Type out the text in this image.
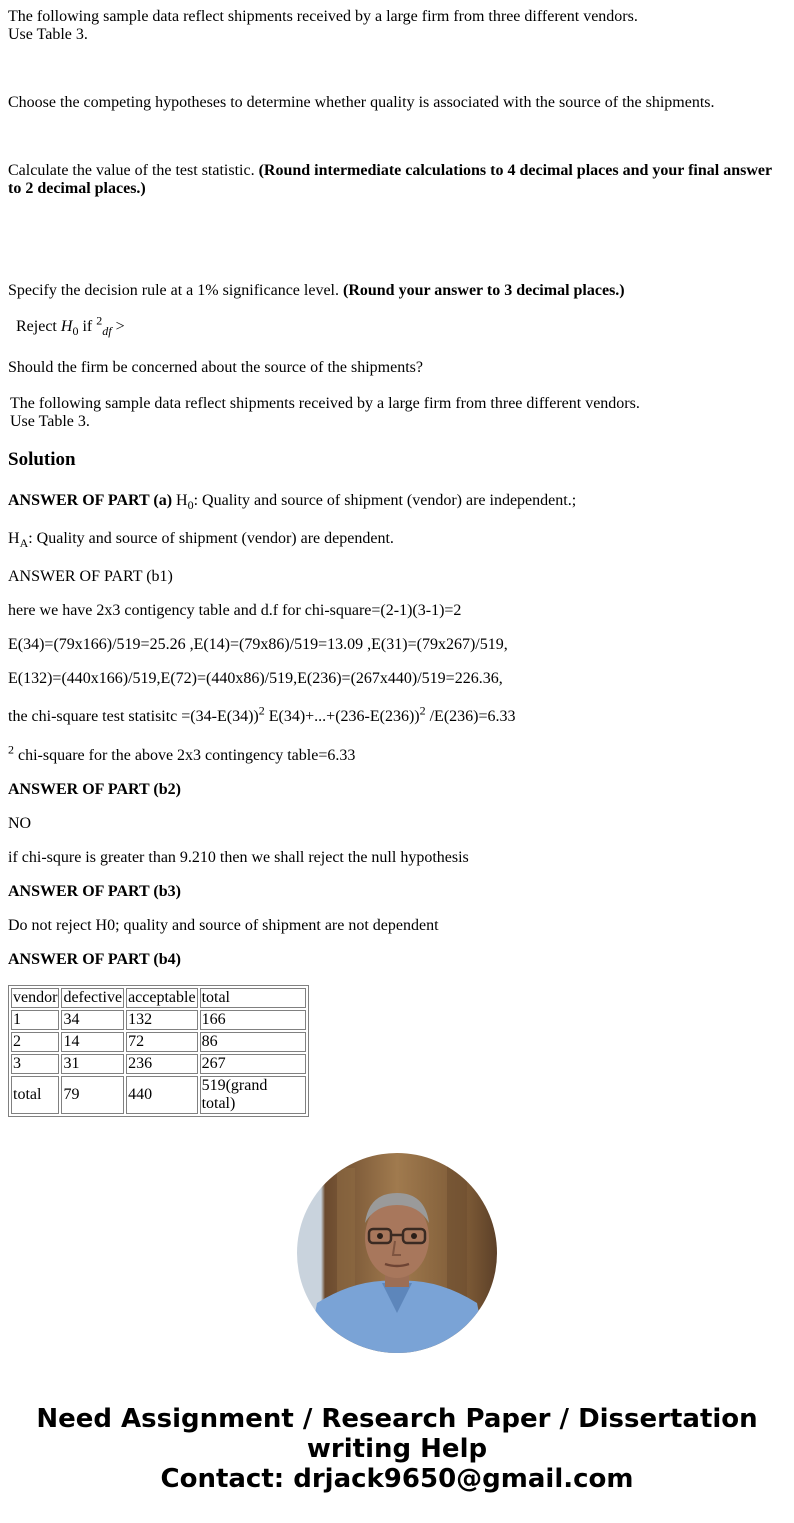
The following sample data reflect shipments received by a large firm from three different vendors.
Use Table 3.

Choose the competing hypotheses to determine whether quality is associated with the source of the shipments.

Calculate the value of the test statistic. (Round intermediate calculations to 4 decimal places and your final answer to 2 decimal places.)

Specify the decision rule at a 1% significance level. (Round your answer to 3 decimal places.)

Reject $H_0$ if $^2_{df}$ >

Should the firm be concerned about the source of the shipments?

The following sample data reflect shipments received by a large firm from three different vendors.
Use Table 3.
Solution

ANSWER OF PART (a) $H_0$: Quality and source of shipment (vendor) are independent.;

$H_A$: Quality and source of shipment (vendor) are dependent.

ANSWER OF PART (b1)

here we have 2x3 contigency table and d.f for chi-square=(2-1)(3-1)=2

E(34)=(79x166)/519=25.26 ,E(14)=(79x86)/519=13.09 ,E(31)=(79x267)/519,

E(132)=(440x166)/519,E(72)=(440x86)/519,E(236)=(267x440)/519=226.36,

the chi-square test statisitc $=(34-E(34))^2$ $E(34)+...+(236-E(236))^2$ /E(236)=6.33

$^2$ chi-square for the above 2x3 contingency table=6.33

ANSWER OF PART (b2)

NO

if chi-squre is greater than 9.210 then we shall reject the null hypothesis

ANSWER OF PART (b3)

Do not reject H0; quality and source of shipment are not dependent

ANSWER OF PART (b4)

vendor	defective	acceptable	total
1	34	132	166
2	14	72	86
3	31	236	267
total	79	440	519(grand total)
Need Assignment / Research Paper / Dissertation
writing Help
Contact: drjack9650@gmail.com
